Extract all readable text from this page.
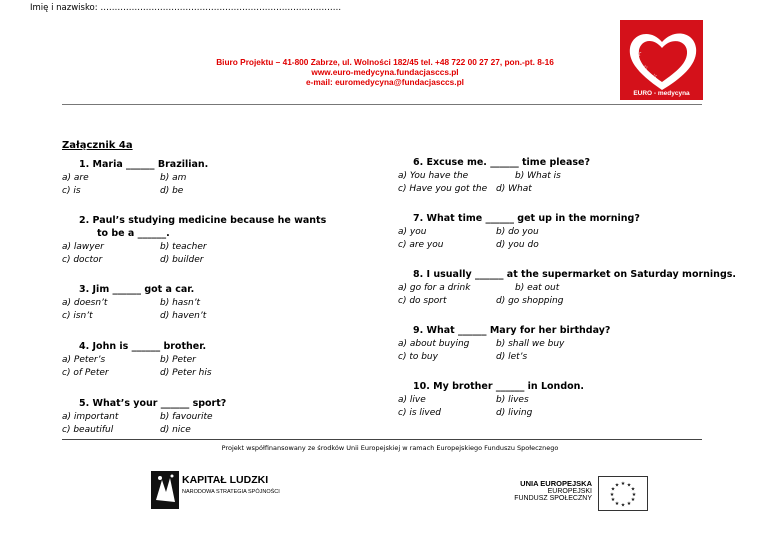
Imię i nazwisko: ………………………………………………………………………….
Biuro Projektu – 41-800 Zabrze, ul. Wolności 182/45 tel. +48 722 00 27 27, pon.-pt. 8-16
www.euro-medycyna.fundacjasccs.pl
e-mail: euromedycyna@fundacjasccs.pl
☆
☆
☆
EURO - medycyna
Załącznik 4a
1. Maria ______ Brazilian.
a) are	b) am
c) is	d) be
2. Paul’s studying medicine because he wants
to be a ______.
a) lawyer	b) teacher
c) doctor	d) builder
3. Jim ______ got a car.
a) doesn’t	b) hasn’t
c) isn’t	d) haven’t
4. John is ______ brother.
a) Peter’s	b) Peter
c) of Peter	d) Peter his
5. What’s your ______ sport?
a) important	b) favourite
c) beautiful	d) nice
6. Excuse me. ______ time please?
a) You have the	b) What is
c) Have you got the d) What
7. What time ______ get up in the morning?
a) you	b) do you
c) are you	d) you do
8. I usually ______ at the supermarket on Saturday mornings.
a) go for a drink	b) eat out
c) do sport	d) go shopping
9. What ______ Mary for her birthday?
a) about buying	b) shall we buy
c) to buy	d) let’s
10. My brother ______ in London.
a) live	b) lives
c) is lived	d) living
Projekt współfinansowany ze środków Unii Europejskiej w ramach Europejskiego Funduszu Społecznego
KAPITAŁ LUDZKI
NARODOWA STRATEGIA SPÓJNOŚCI
UNIA EUROPEJSKA
EUROPEJSKI
FUNDUSZ SPOŁECZNY
★ ★
★
★
★
★
★
★
★
★
★
★
